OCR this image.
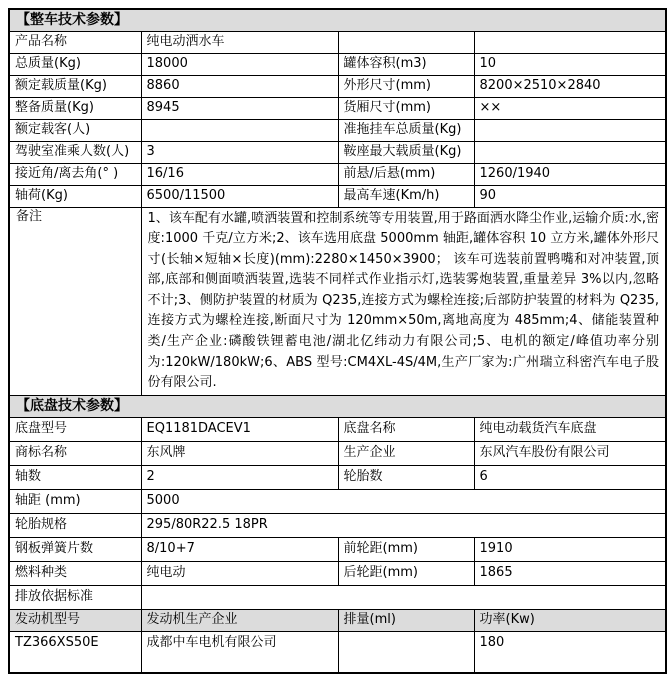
【整车技术参数】			
产品名称	纯电动洒水车		
总质量(Kg)	18000	罐体容积(m3)	10
额定载质量(Kg)	8860	外形尺寸(mm)	8200×2510×2840
整备质量(Kg)	8945	货厢尺寸(mm)	××
额定载客(人)		准拖挂车总质量(Kg)	
驾驶室准乘人数(人)	3	鞍座最大载质量(Kg)	
接近角/离去角(° )	16/16	前悬/后悬(mm)	1260/1940
轴荷(Kg)	6500/11500	最高车速(Km/h)	90
备注	1、该车配有水罐,喷洒装置和控制系统等专用装置,用于路面洒水降尘作业,运输介质:水,密度:1000 千克/立方米;2、该车选用底盘 5000mm 轴距,罐体容积 10 立方米,罐体外形尺寸(长轴×短轴×长度)(mm):2280×1450×3900； 该车可选装前置鸭嘴和对冲装置,顶部,底部和侧面喷洒装置,选装不同样式作业指示灯,选装雾炮装置,重量差异 3%以内,忽略不计;3、侧防护装置的材质为 Q235,连接方式为螺栓连接;后部防护装置的材料为 Q235,连接方式为螺栓连接,断面尺寸为 120mm×50m,离地高度为 485mm;4、储能装置种类/生产企业:磷酸铁锂蓄电池/湖北亿纬动力有限公司;5、电机的额定/峰值功率分别为:120kW/180kW;6、ABS 型号:CM4XL-4S/4M,生产厂家为:广州瑞立科密汽车电子股份有限公司.		
【底盘技术参数】			
底盘型号	EQ1181DACEV1	底盘名称	纯电动载货汽车底盘
商标名称	东风牌	生产企业	东风汽车股份有限公司
轴数	2	轮胎数	6
轴距 (mm)	5000		
轮胎规格	295/80R22.5 18PR		
钢板弹簧片数	8/10+7	前轮距(mm)	1910
燃料种类	纯电动	后轮距(mm)	1865
排放依据标准			
发动机型号	发动机生产企业	排量(ml)	功率(Kw)
TZ366XS50E	成都中车电机有限公司		180
